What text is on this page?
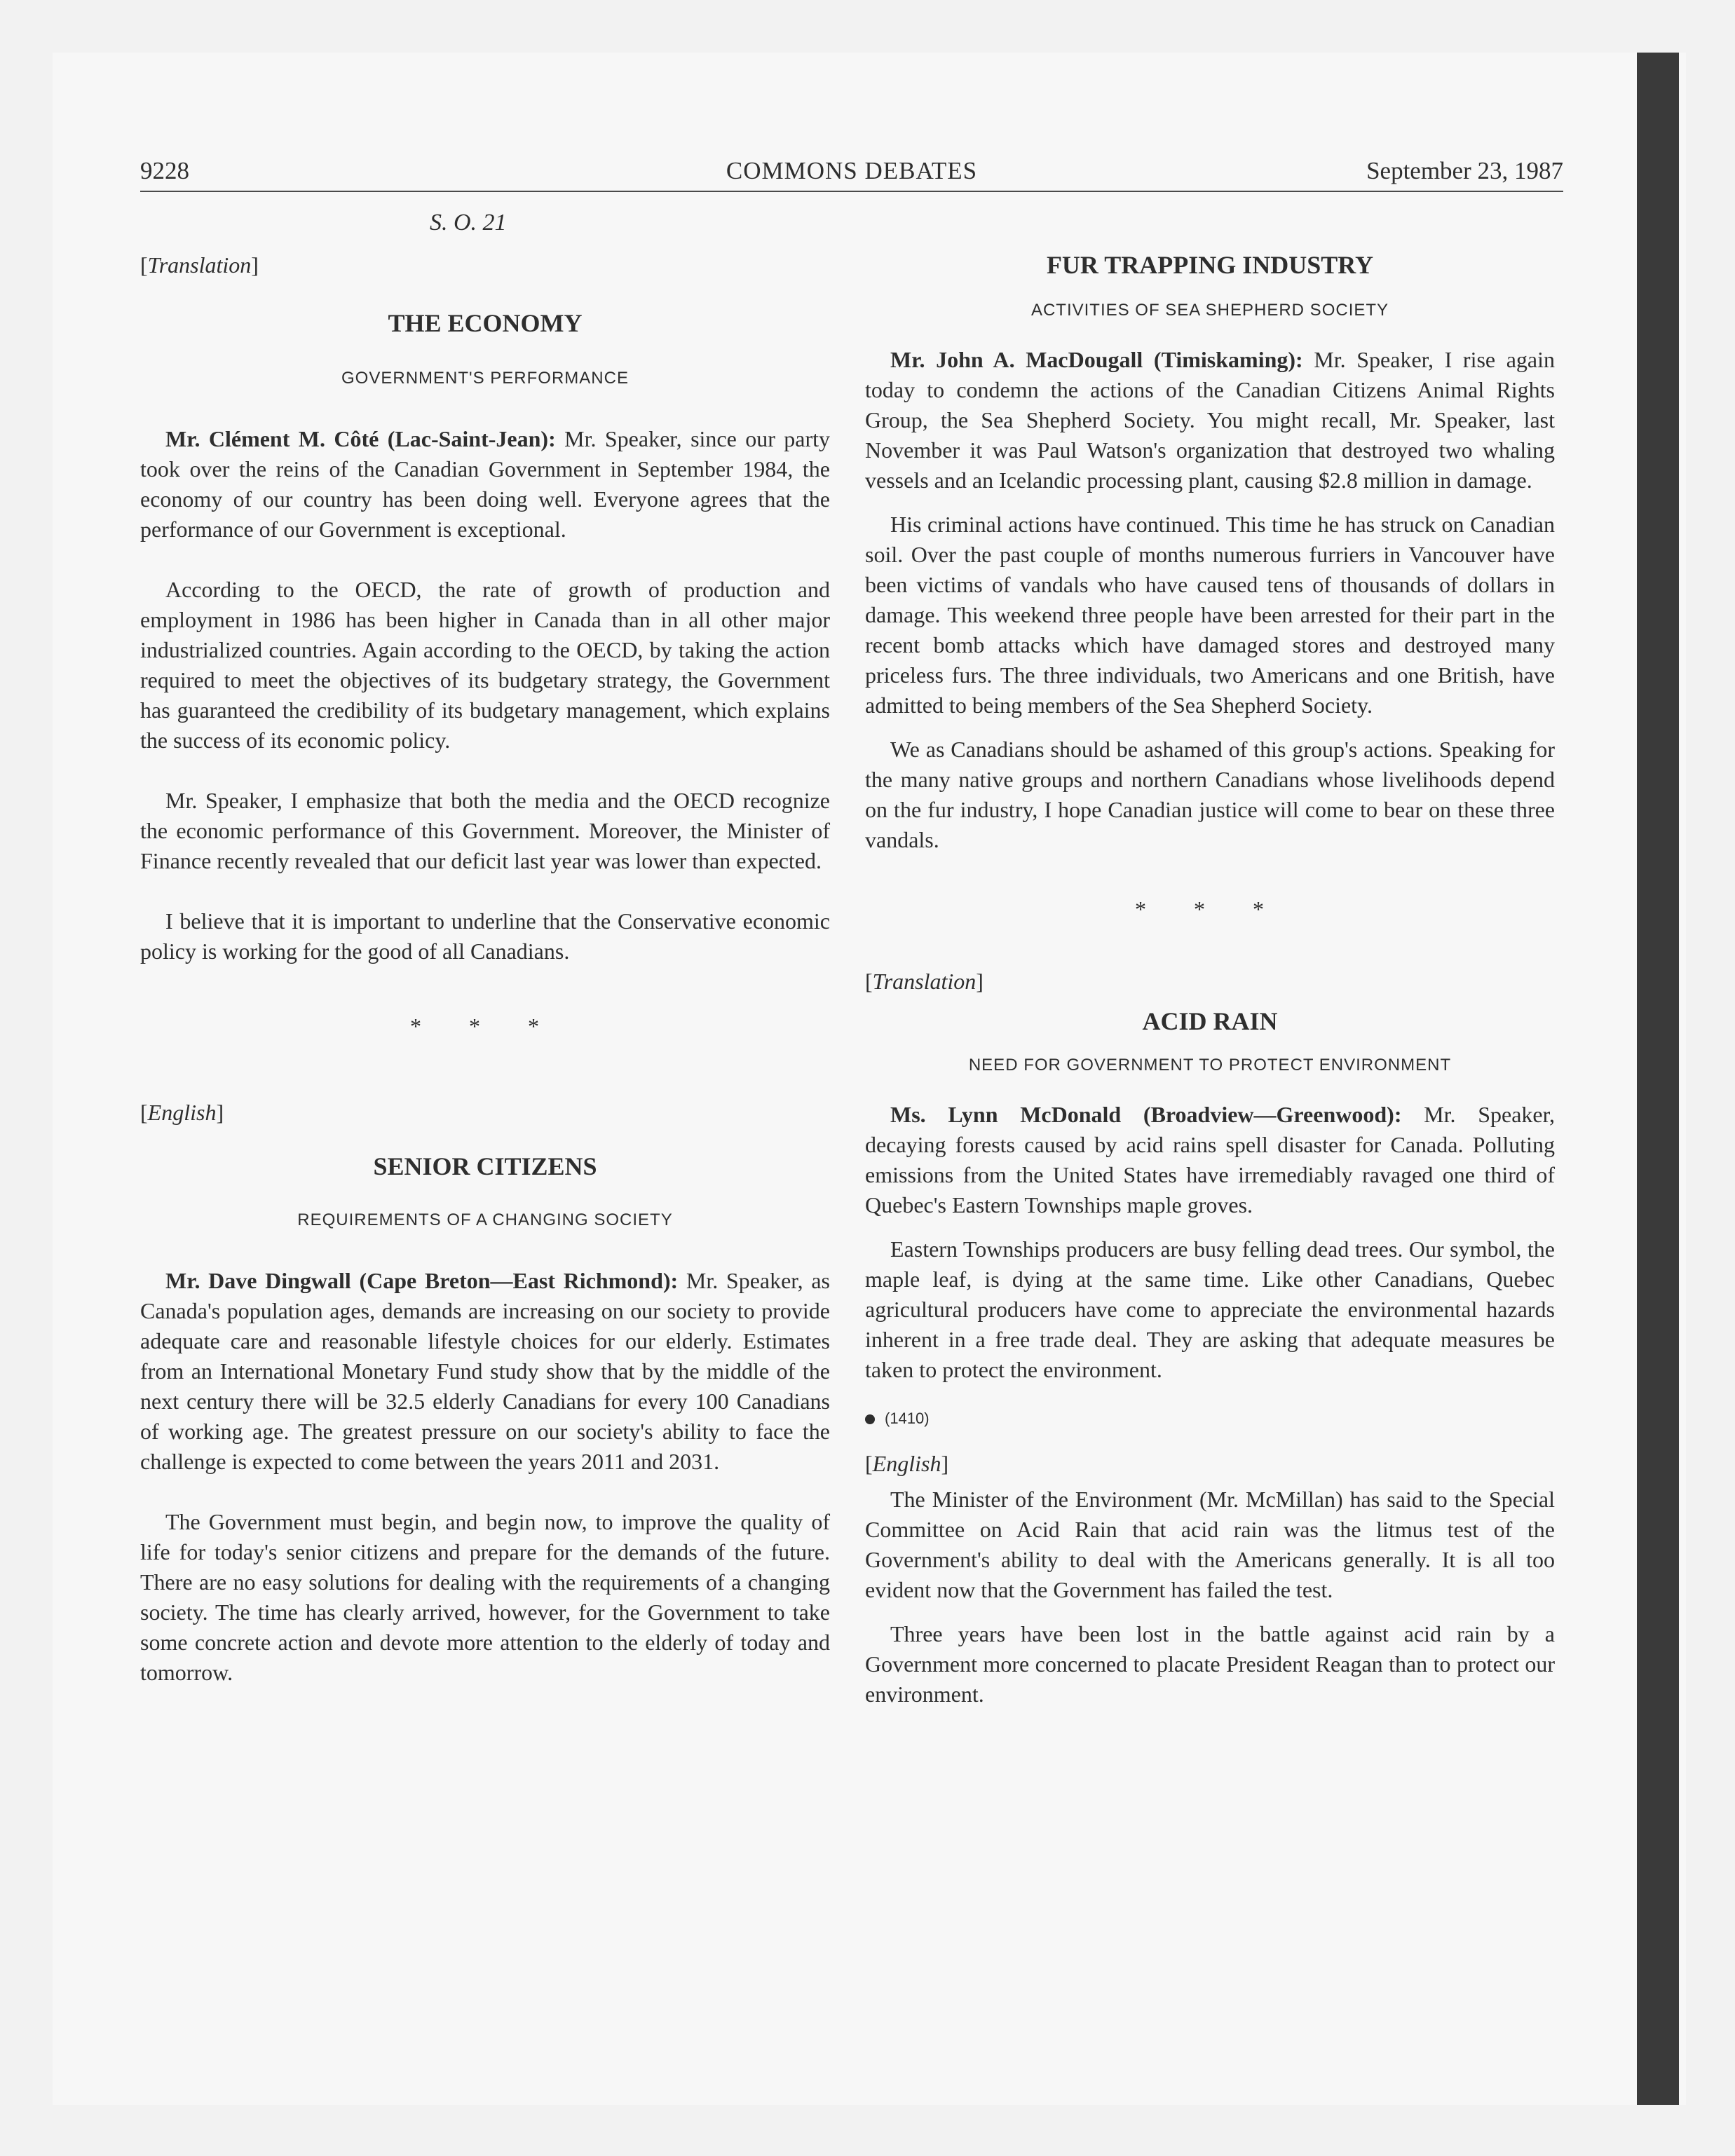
9228	COMMONS DEBATES	September 23, 1987

S. O. 21

[Translation]

THE ECONOMY

GOVERNMENT'S PERFORMANCE

Mr. Clément M. Côté (Lac-Saint-Jean): Mr. Speaker, since our party took over the reins of the Canadian Government in September 1984, the economy of our country has been doing well. Everyone agrees that the performance of our Government is exceptional.

According to the OECD, the rate of growth of production and employment in 1986 has been higher in Canada than in all other major industrialized countries. Again according to the OECD, by taking the action required to meet the objectives of its budgetary strategy, the Government has guaranteed the credibility of its budgetary management, which explains the success of its economic policy.

Mr. Speaker, I emphasize that both the media and the OECD recognize the economic performance of this Government. Moreover, the Minister of Finance recently revealed that our deficit last year was lower than expected.

I believe that it is important to underline that the Conservative economic policy is working for the good of all Canadians.

* * *

[English]

SENIOR CITIZENS

REQUIREMENTS OF A CHANGING SOCIETY

Mr. Dave Dingwall (Cape Breton—East Richmond): Mr. Speaker, as Canada's population ages, demands are increasing on our society to provide adequate care and reasonable lifestyle choices for our elderly. Estimates from an International Monetary Fund study show that by the middle of the next century there will be 32.5 elderly Canadians for every 100 Canadians of working age. The greatest pressure on our society's ability to face the challenge is expected to come between the years 2011 and 2031.

The Government must begin, and begin now, to improve the quality of life for today's senior citizens and prepare for the demands of the future. There are no easy solutions for dealing with the requirements of a changing society. The time has clearly arrived, however, for the Government to take some concrete action and devote more attention to the elderly of today and tomorrow.

FUR TRAPPING INDUSTRY

ACTIVITIES OF SEA SHEPHERD SOCIETY

Mr. John A. MacDougall (Timiskaming): Mr. Speaker, I rise again today to condemn the actions of the Canadian Citizens Animal Rights Group, the Sea Shepherd Society. You might recall, Mr. Speaker, last November it was Paul Watson's organization that destroyed two whaling vessels and an Icelandic processing plant, causing $2.8 million in damage.

His criminal actions have continued. This time he has struck on Canadian soil. Over the past couple of months numerous furriers in Vancouver have been victims of vandals who have caused tens of thousands of dollars in damage. This weekend three people have been arrested for their part in the recent bomb attacks which have damaged stores and destroyed many priceless furs. The three individuals, two Americans and one British, have admitted to being members of the Sea Shepherd Society.

We as Canadians should be ashamed of this group's actions. Speaking for the many native groups and northern Canadians whose livelihoods depend on the fur industry, I hope Canadian justice will come to bear on these three vandals.

* * *

[Translation]

ACID RAIN

NEED FOR GOVERNMENT TO PROTECT ENVIRONMENT

Ms. Lynn McDonald (Broadview—Greenwood): Mr. Speaker, decaying forests caused by acid rains spell disaster for Canada. Polluting emissions from the United States have irremediably ravaged one third of Quebec's Eastern Townships maple groves.

Eastern Townships producers are busy felling dead trees. Our symbol, the maple leaf, is dying at the same time. Like other Canadians, Quebec agricultural producers have come to appreciate the environmental hazards inherent in a free trade deal. They are asking that adequate measures be taken to protect the environment.

(1410)

[English]

The Minister of the Environment (Mr. McMillan) has said to the Special Committee on Acid Rain that acid rain was the litmus test of the Government's ability to deal with the Americans generally. It is all too evident now that the Government has failed the test.

Three years have been lost in the battle against acid rain by a Government more concerned to placate President Reagan than to protect our environment.
